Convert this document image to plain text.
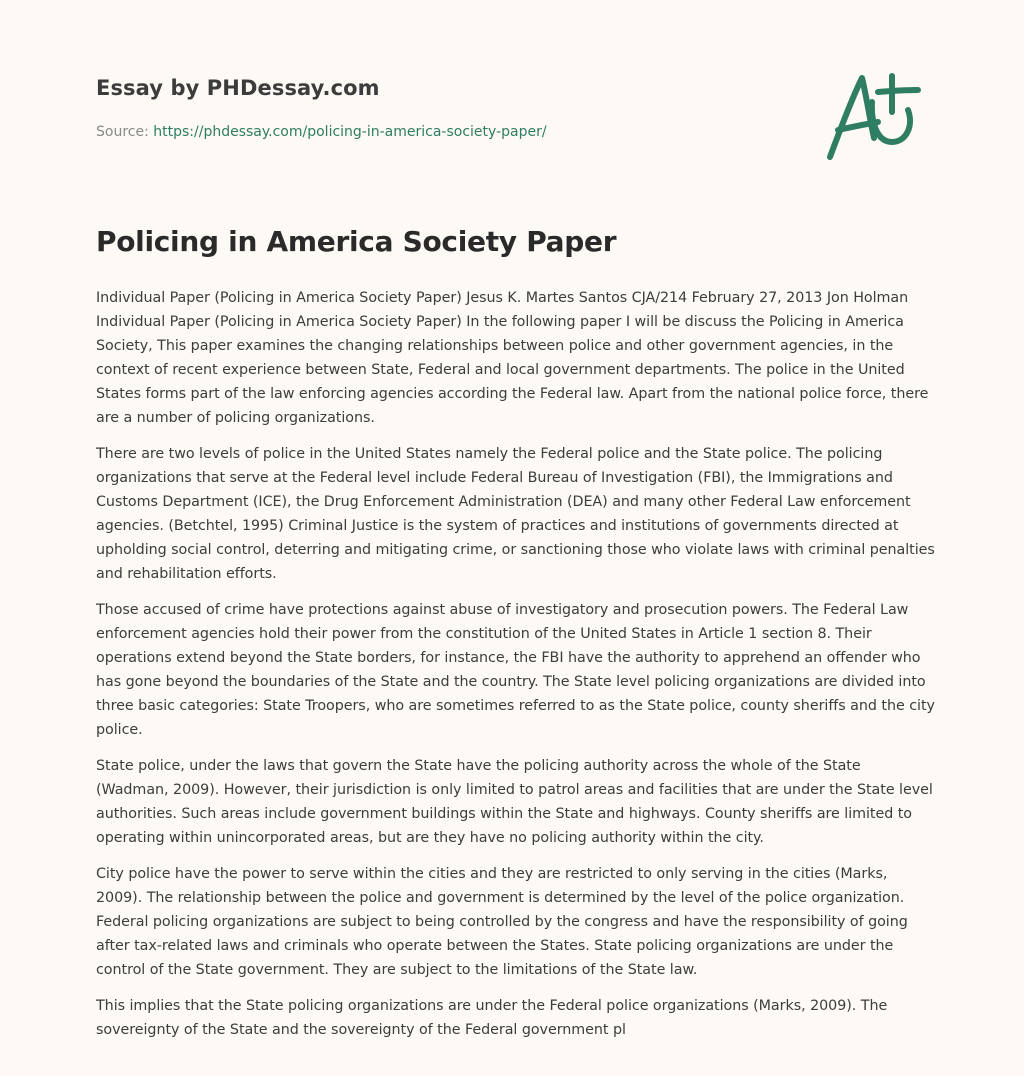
Essay by PHDessay.com
Source: https://phdessay.com/policing-in-america-society-paper/
Policing in America Society Paper

Individual Paper (Policing in America Society Paper) Jesus K. Martes Santos CJA/214 February 27, 2013 Jon Holman Individual Paper (Policing in America Society Paper) In the following paper I will be discuss the Policing in America Society, This paper examines the changing relationships between police and other government agencies, in the context of recent experience between State, Federal and local government departments. The police in the United States forms part of the law enforcing agencies according the Federal law. Apart from the national police force, there are a number of policing organizations.

There are two levels of police in the United States namely the Federal police and the State police. The policing organizations that serve at the Federal level include Federal Bureau of Investigation (FBI), the Immigrations and Customs Department (ICE), the Drug Enforcement Administration (DEA) and many other Federal Law enforcement agencies. (Betchtel, 1995) Criminal Justice is the system of practices and institutions of governments directed at upholding social control, deterring and mitigating crime, or sanctioning those who violate laws with criminal penalties and rehabilitation efforts.

Those accused of crime have protections against abuse of investigatory and prosecution powers. The Federal Law enforcement agencies hold their power from the constitution of the United States in Article 1 section 8. Their operations extend beyond the State borders, for instance, the FBI have the authority to apprehend an offender who has gone beyond the boundaries of the State and the country. The State level policing organizations are divided into three basic categories: State Troopers, who are sometimes referred to as the State police, county sheriffs and the city police.

State police, under the laws that govern the State have the policing authority across the whole of the State (Wadman, 2009). However, their jurisdiction is only limited to patrol areas and facilities that are under the State level authorities. Such areas include government buildings within the State and highways. County sheriffs are limited to operating within unincorporated areas, but are they have no policing authority within the city.

City police have the power to serve within the cities and they are restricted to only serving in the cities (Marks, 2009). The relationship between the police and government is determined by the level of the police organization. Federal policing organizations are subject to being controlled by the congress and have the responsibility of going after tax-related laws and criminals who operate between the States. State policing organizations are under the control of the State government. They are subject to the limitations of the State law.

This implies that the State policing organizations are under the Federal police organizations (Marks, 2009). The sovereignty of the State and the sovereignty of the Federal government pl
